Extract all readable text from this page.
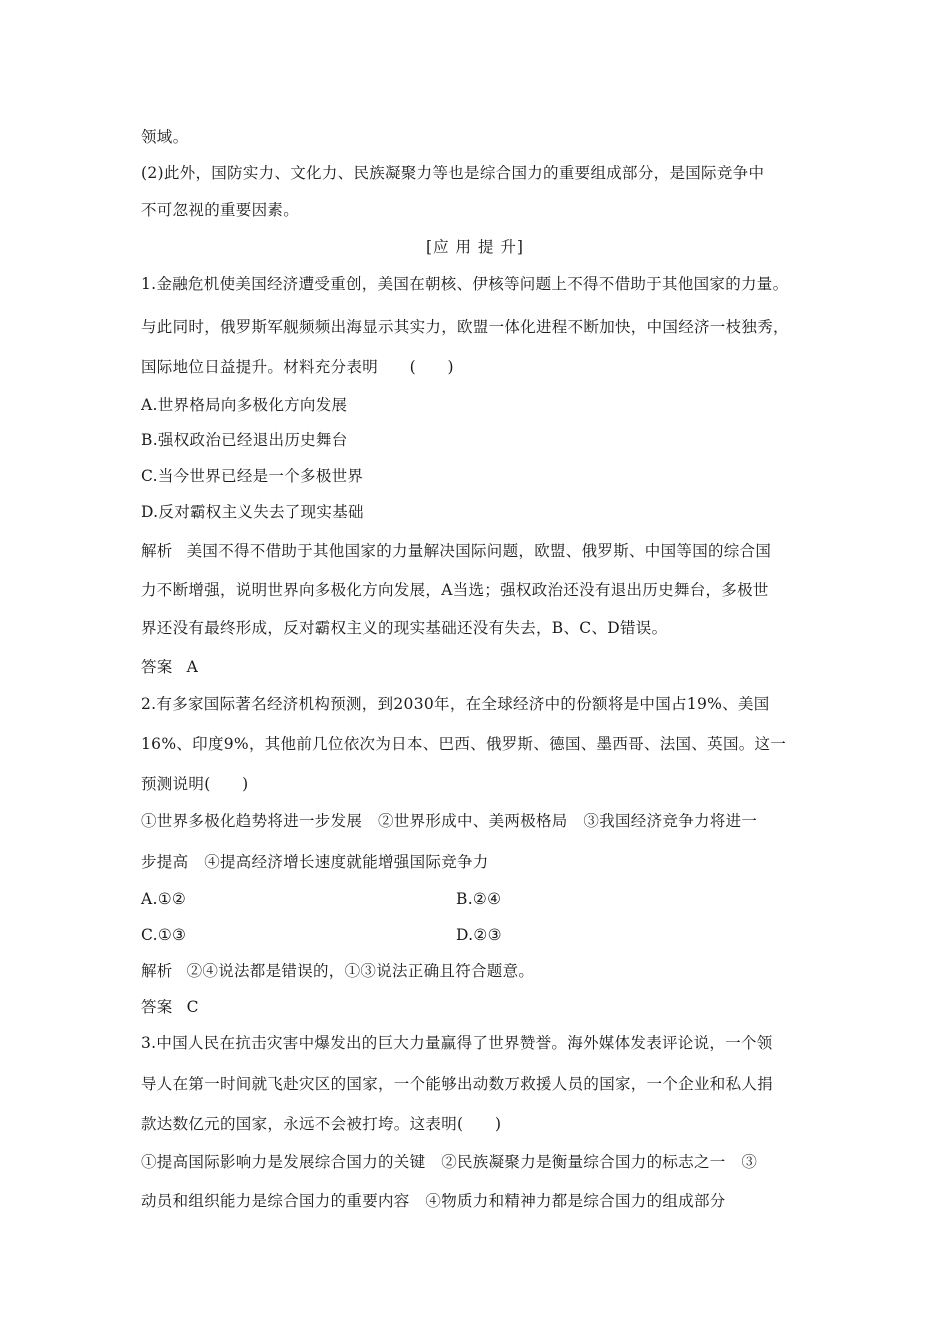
领域。
(2)此外，国防实力、文化力、民族凝聚力等也是综合国力的重要组成部分，是国际竞争中
不可忽视的重要因素。
[应 用 提 升]
1.金融危机使美国经济遭受重创，美国在朝核、伊核等问题上不得不借助于其他国家的力量。
与此同时，俄罗斯军舰频频出海显示其实力，欧盟一体化进程不断加快，中国经济一枝独秀，
国际地位日益提升。材料充分表明　　(　　)
A.世界格局向多极化方向发展
B.强权政治已经退出历史舞台
C.当今世界已经是一个多极世界
D.反对霸权主义失去了现实基础
解析 美国不得不借助于其他国家的力量解决国际问题，欧盟、俄罗斯、中国等国的综合国
力不断增强，说明世界向多极化方向发展，A当选；强权政治还没有退出历史舞台，多极世
界还没有最终形成，反对霸权主义的现实基础还没有失去，B、C、D错误。
答案 A
2.有多家国际著名经济机构预测，到2030年，在全球经济中的份额将是中国占19%、美国
16%、印度9%，其他前几位依次为日本、巴西、俄罗斯、德国、墨西哥、法国、英国。这一
预测说明(　　)
①世界多极化趋势将进一步发展　②世界形成中、美两极格局　③我国经济竞争力将进一
步提高　④提高经济增长速度就能增强国际竞争力
A.①②	B.②④
C.①③	D.②③
解析 ②④说法都是错误的，①③说法正确且符合题意。
答案 C
3.中国人民在抗击灾害中爆发出的巨大力量赢得了世界赞誉。海外媒体发表评论说，一个领
导人在第一时间就飞赴灾区的国家，一个能够出动数万救援人员的国家，一个企业和私人捐
款达数亿元的国家，永远不会被打垮。这表明(　　)
①提高国际影响力是发展综合国力的关键　②民族凝聚力是衡量综合国力的标志之一　③
动员和组织能力是综合国力的重要内容　④物质力和精神力都是综合国力的组成部分
